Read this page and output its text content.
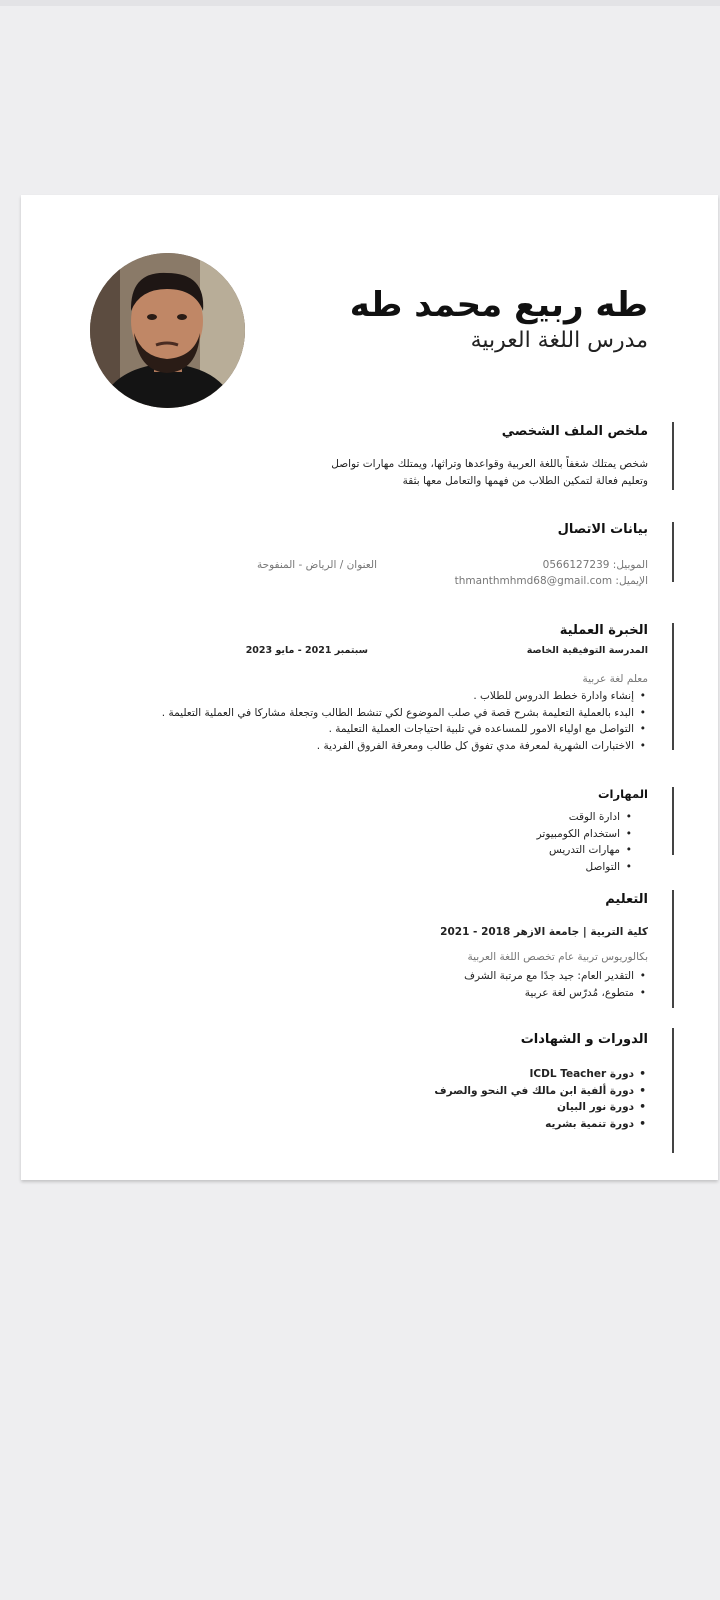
طه ربيع محمد طه
مدرس اللغة العربية
ملخص الملف الشخصي
شخص يمتلك شغفاً باللغة العربية وقواعدها وتراثها، ويمتلك مهارات تواصل
وتعليم فعالة لتمكين الطلاب من فهمها والتعامل معها بثقة
بيانات الاتصال
الموبيل: 0566127239
العنوان / الرياض - المنفوحة
الإيميل: thmanthmhmd68@gmail.com
الخبرة العملية
المدرسة التوفيقية الخاصة
سبتمبر 2021 - مايو 2023
معلم لغة عربية
• إنشاء وادارة خطط الدروس للطلاب .
• البدء بالعملية التعليمة بشرح قصة في صلب الموضوع لكي تنشط الطالب وتجعلة مشاركا في العملية التعليمة .
• التواصل مع اولياء الامور للمساعده في تلبية احتياجات العملية التعليمة .
• الاختبارات الشهرية لمعرفة مدي تفوق كل طالب ومعرفة الفروق الفردية .
المهارات
• ادارة الوقت
• استخدام الكومبيوتر
• مهارات التدريس
• التواصل
التعليم
كلية التربية | جامعة الازهر 2018 - 2021
بكالوريوس تربية عام تخصص اللغة العربية
• التقدير العام: جيد جدًا مع مرتبة الشرف
• متطوع، مُدرّس لغة عربية
الدورات و الشهادات
• دورة ICDL Teacher
• دورة ألفية ابن مالك في النحو والصرف
• دورة نور البيان
• دورة تنمية بشريه
